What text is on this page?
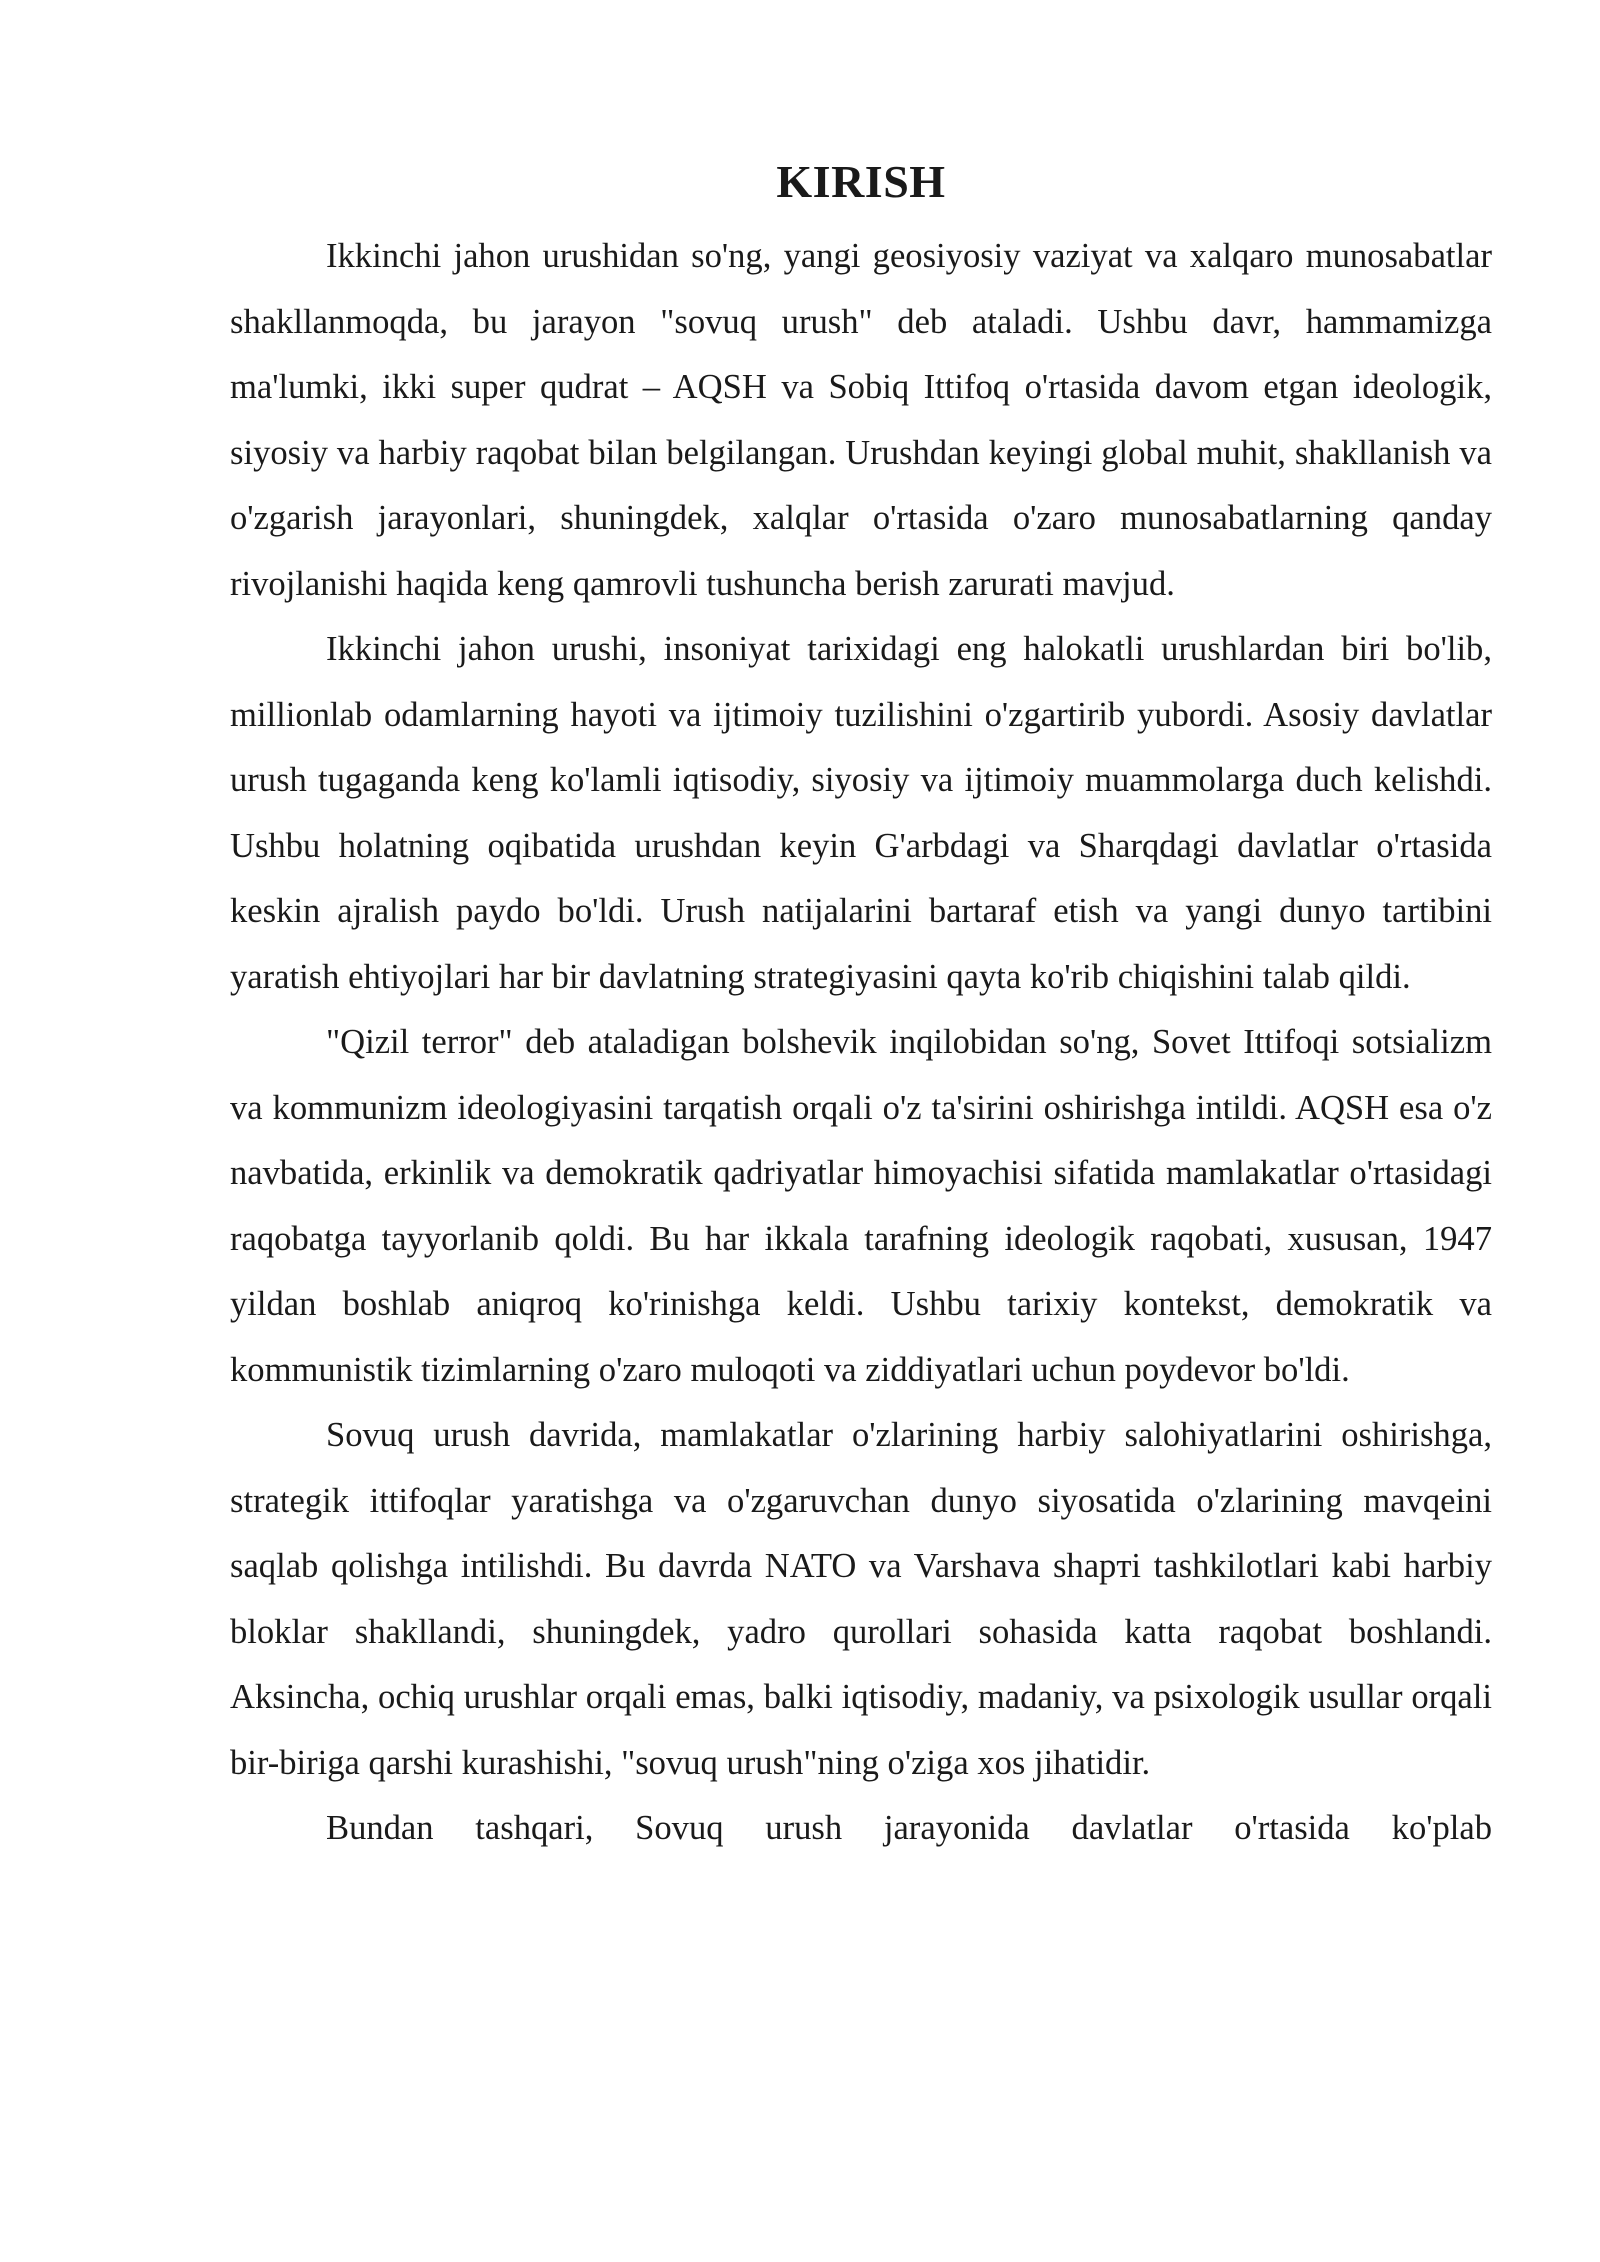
KIRISH

Ikkinchi jahon urushidan so'ng, yangi geosiyosiy vaziyat va xalqaro munosabatlar shakllanmoqda, bu jarayon "sovuq urush" deb ataladi. Ushbu davr, hammamizga ma'lumki, ikki super qudrat – AQSH va Sobiq Ittifoq o'rtasida davom etgan ideologik, siyosiy va harbiy raqobat bilan belgilangan. Urushdan keyingi global muhit, shakllanish va o'zgarish jarayonlari, shuningdek, xalqlar o'rtasida o'zaro munosabatlarning qanday rivojlanishi haqida keng qamrovli tushuncha berish zarurati mavjud.

Ikkinchi jahon urushi, insoniyat tarixidagi eng halokatli urushlardan biri bo'lib, millionlab odamlarning hayoti va ijtimoiy tuzilishini o'zgartirib yubordi. Asosiy davlatlar urush tugaganda keng ko'lamli iqtisodiy, siyosiy va ijtimoiy muammolarga duch kelishdi. Ushbu holatning oqibatida urushdan keyin G'arbdagi va Sharqdagi davlatlar o'rtasida keskin ajralish paydo bo'ldi. Urush natijalarini bartaraf etish va yangi dunyo tartibini yaratish ehtiyojlari har bir davlatning strategiyasini qayta ko'rib chiqishini talab qildi.

"Qizil terror" deb ataladigan bolshevik inqilobidan so'ng, Sovet Ittifoqi sotsializm va kommunizm ideologiyasini tarqatish orqali o'z ta'sirini oshirishga intildi. AQSH esa o'z navbatida, erkinlik va demokratik qadriyatlar himoyachisi sifatida mamlakatlar o'rtasidagi raqobatga tayyorlanib qoldi. Bu har ikkala tarafning ideologik raqobati, xususan, 1947 yildan boshlab aniqroq ko'rinishga keldi. Ushbu tarixiy kontekst, demokratik va kommunistik tizimlarning o'zaro muloqoti va ziddiyatlari uchun poydevor bo'ldi.

Sovuq urush davrida, mamlakatlar o'zlarining harbiy salohiyatlarini oshirishga, strategik ittifoqlar yaratishga va o'zgaruvchan dunyo siyosatida o'zlarining mavqeini saqlab qolishga intilishdi. Bu davrda NATO va Varshava shapтi tashkilotlari kabi harbiy bloklar shakllandi, shuningdek, yadro qurollari sohasida katta raqobat boshlandi. Aksincha, ochiq urushlar orqali emas, balki iqtisodiy, madaniy, va psixologik usullar orqali bir-biriga qarshi kurashishi, "sovuq urush"ning o'ziga xos jihatidir.

Bundan tashqari, Sovuq urush jarayonida davlatlar o'rtasida ko'plab
